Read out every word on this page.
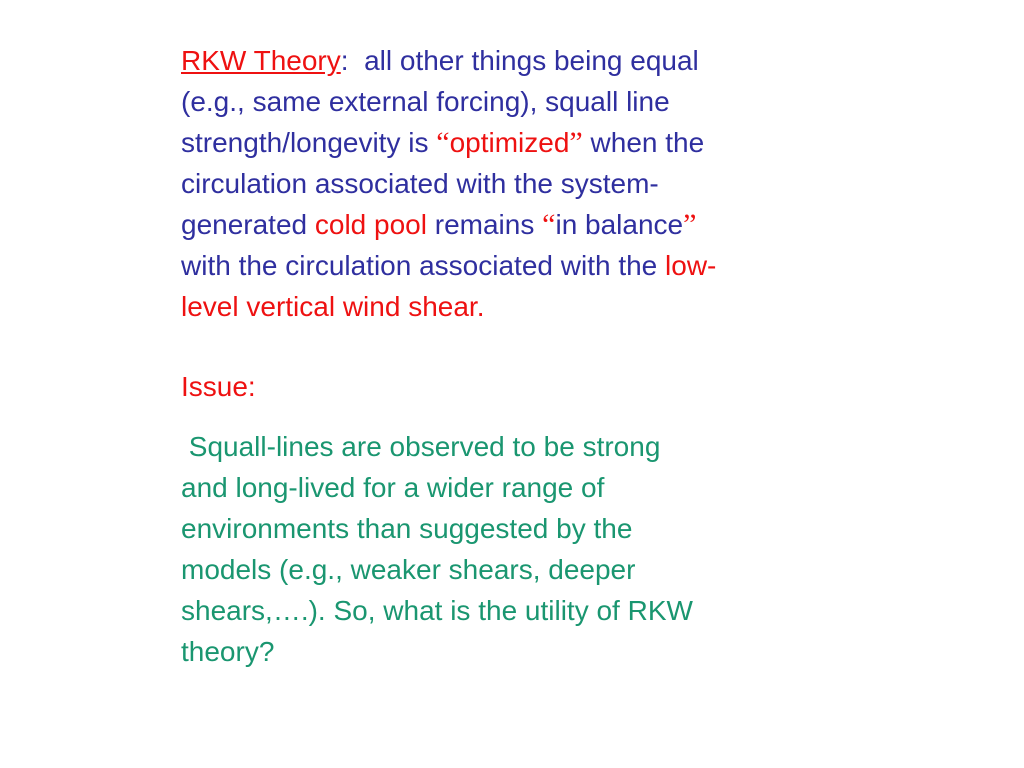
RKW Theory:  all other things being equal
(e.g., same external forcing), squall line
strength/longevity is “optimized” when the
circulation associated with the system-
generated cold pool remains “in balance”
with the circulation associated with the low-
level vertical wind shear.
Issue:
Squall-lines are observed to be strong
and long-lived for a wider range of
environments than suggested by the
models (e.g., weaker shears, deeper
shears,….). So, what is the utility of RKW
theory?
